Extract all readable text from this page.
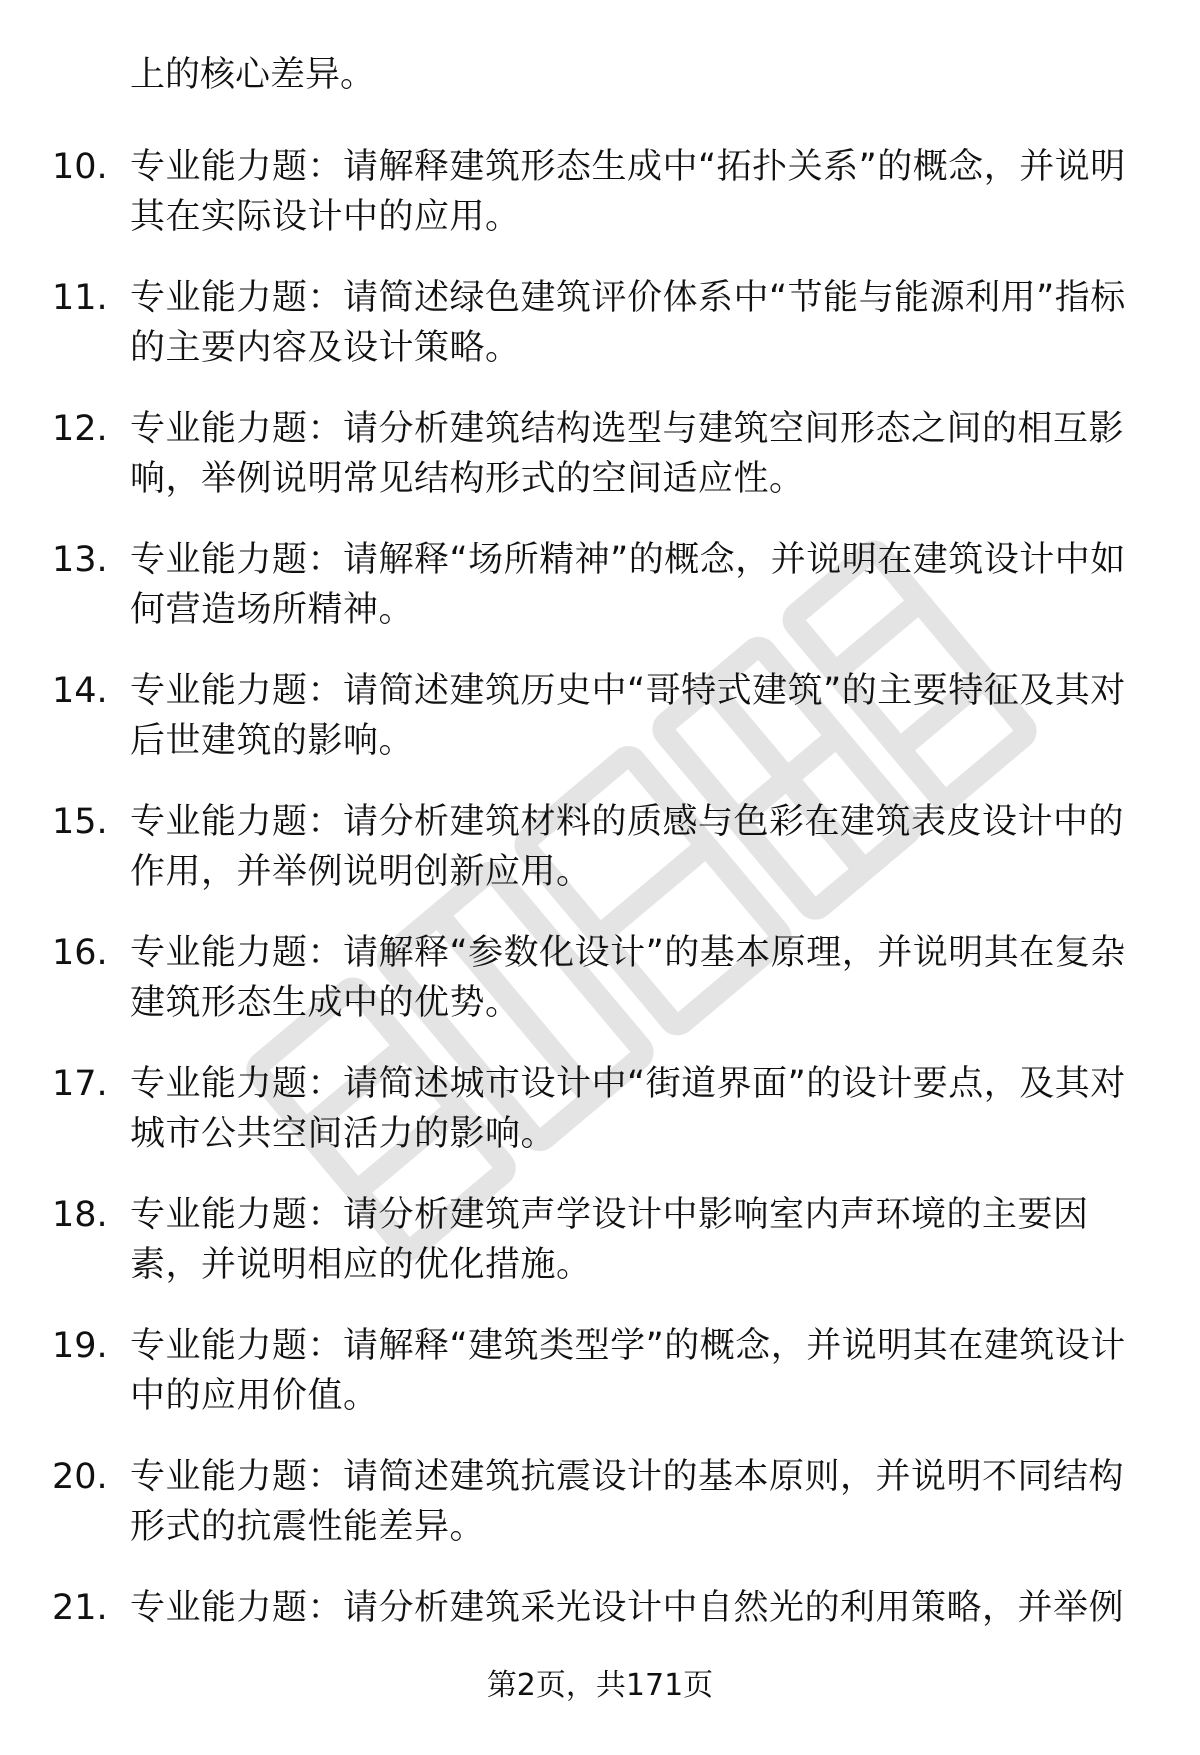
上的核心差异。
10. 专业能力题：请解释建筑形态生成中“拓扑关系”的概念，并说明其在实际设计中的应用。
11. 专业能力题：请简述绿色建筑评价体系中“节能与能源利用”指标的主要内容及设计策略。
12. 专业能力题：请分析建筑结构选型与建筑空间形态之间的相互影响，举例说明常见结构形式的空间适应性。
13. 专业能力题：请解释“场所精神”的概念，并说明在建筑设计中如何营造场所精神。
14. 专业能力题：请简述建筑历史中“哥特式建筑”的主要特征及其对后世建筑的影响。
15. 专业能力题：请分析建筑材料的质感与色彩在建筑表皮设计中的作用，并举例说明创新应用。
16. 专业能力题：请解释“参数化设计”的基本原理，并说明其在复杂建筑形态生成中的优势。
17. 专业能力题：请简述城市设计中“街道界面”的设计要点，及其对城市公共空间活力的影响。
18. 专业能力题：请分析建筑声学设计中影响室内声环境的主要因素，并说明相应的优化措施。
19. 专业能力题：请解释“建筑类型学”的概念，并说明其在建筑设计中的应用价值。
20. 专业能力题：请简述建筑抗震设计的基本原则，并说明不同结构形式的抗震性能差异。
21. 专业能力题：请分析建筑采光设计中自然光的利用策略，并举例
第2页，共171页
